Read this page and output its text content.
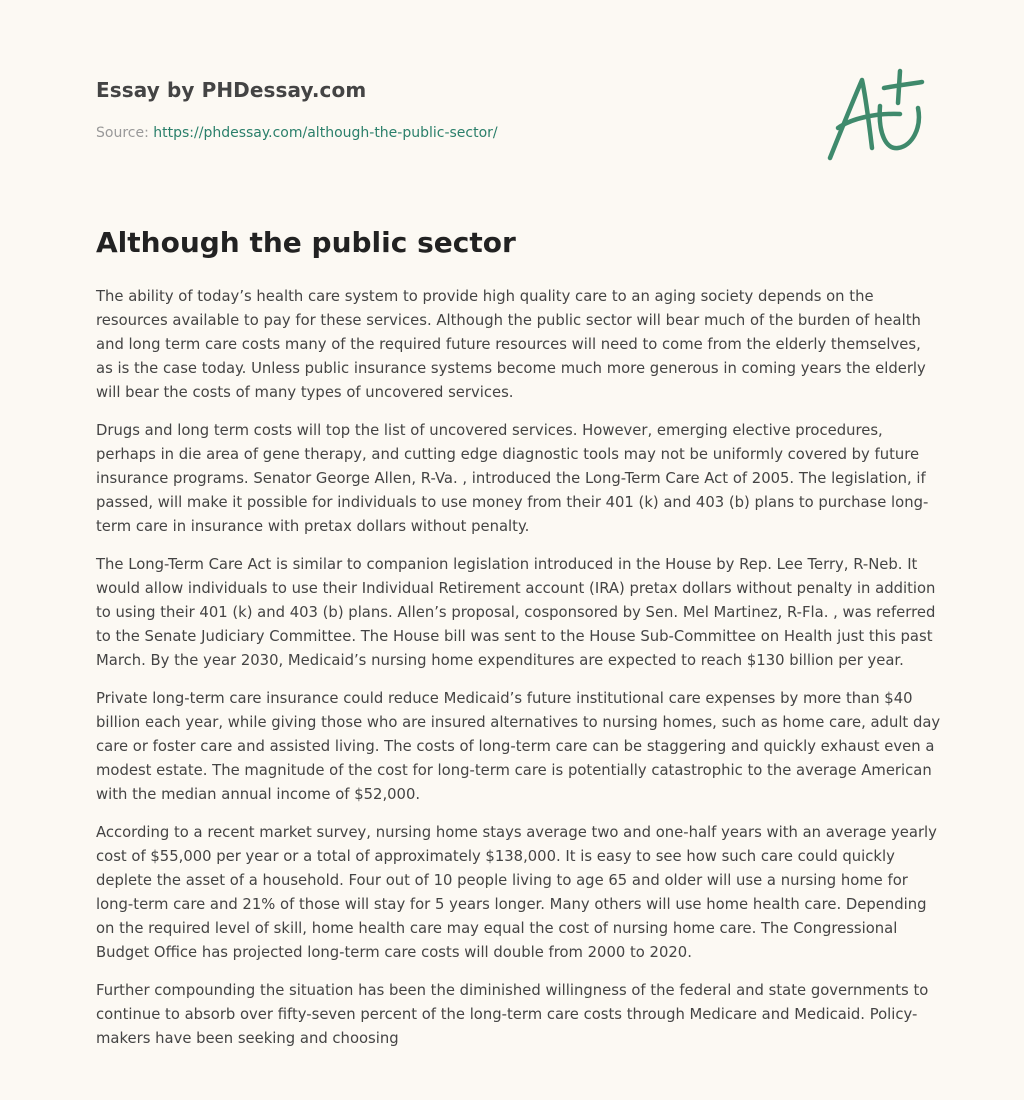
Essay by PHDessay.com
Source: https://phdessay.com/although-the-public-sector/
Although the public sector

The ability of today’s health care system to provide high quality care to an aging society depends on the resources available to pay for these services. Although the public sector will bear much of the burden of health and long term care costs many of the required future resources will need to come from the elderly themselves, as is the case today. Unless public insurance systems become much more generous in coming years the elderly will bear the costs of many types of uncovered services.

Drugs and long term costs will top the list of uncovered services. However, emerging elective procedures, perhaps in die area of gene therapy, and cutting edge diagnostic tools may not be uniformly covered by future insurance programs. Senator George Allen, R-Va. , introduced the Long-Term Care Act of 2005. The legislation, if passed, will make it possible for individuals to use money from their 401 (k) and 403 (b) plans to purchase long-term care in insurance with pretax dollars without penalty.

The Long-Term Care Act is similar to companion legislation introduced in the House by Rep. Lee Terry, R-Neb. It would allow individuals to use their Individual Retirement account (IRA) pretax dollars without penalty in addition to using their 401 (k) and 403 (b) plans. Allen’s proposal, cosponsored by Sen. Mel Martinez, R-Fla. , was referred to the Senate Judiciary Committee. The House bill was sent to the House Sub-Committee on Health just this past March. By the year 2030, Medicaid’s nursing home expenditures are expected to reach $130 billion per year.

Private long-term care insurance could reduce Medicaid’s future institutional care expenses by more than $40 billion each year, while giving those who are insured alternatives to nursing homes, such as home care, adult day care or foster care and assisted living. The costs of long-term care can be staggering and quickly exhaust even a modest estate. The magnitude of the cost for long-term care is potentially catastrophic to the average American with the median annual income of $52,000.

According to a recent market survey, nursing home stays average two and one-half years with an average yearly cost of $55,000 per year or a total of approximately $138,000. It is easy to see how such care could quickly deplete the asset of a household. Four out of 10 people living to age 65 and older will use a nursing home for long-term care and 21% of those will stay for 5 years longer. Many others will use home health care. Depending on the required level of skill, home health care may equal the cost of nursing home care. The Congressional Budget Office has projected long-term care costs will double from 2000 to 2020.

Further compounding the situation has been the diminished willingness of the federal and state governments to continue to absorb over fifty-seven percent of the long-term care costs through Medicare and Medicaid. Policy-makers have been seeking and choosing
